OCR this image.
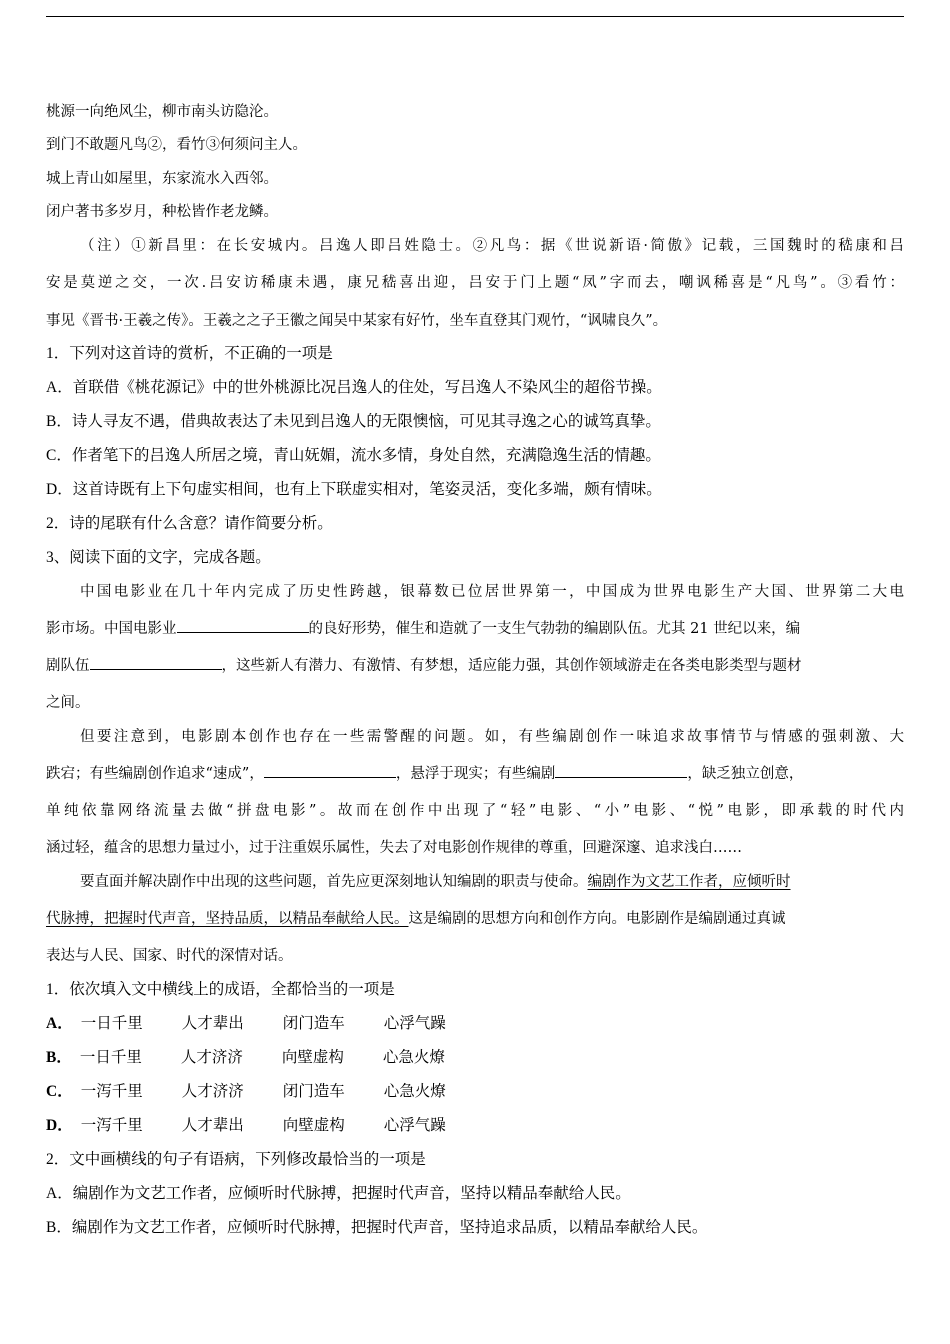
桃源一向绝风尘，柳市南头访隐沦。
到门不敢题凡鸟②，看竹③何须问主人。
城上青山如屋里，东家流水入西邻。
闭户著书多岁月，种松皆作老龙鳞。
（注）①新昌里：在长安城内。吕逸人即吕姓隐士。②凡鸟：据《世说新语·简傲》记载，三国魏时的嵇康和吕
安是莫逆之交，一次.吕安访稀康未遇，康兄嵇喜出迎，吕安于门上题“凤”字而去，嘲讽稀喜是“凡鸟”。③看竹：
事见《晋书·王羲之传》。王羲之之子王徽之闻吴中某家有好竹，坐车直登其门观竹，“讽啸良久”。
1．下列对这首诗的赏析，不正确的一项是
A．首联借《桃花源记》中的世外桃源比况吕逸人的住处，写吕逸人不染风尘的超俗节操。
B．诗人寻友不遇，借典故表达了未见到吕逸人的无限懊恼，可见其寻逸之心的诚笃真挚。
C．作者笔下的吕逸人所居之境，青山妩媚，流水多情，身处自然，充满隐逸生活的情趣。
D．这首诗既有上下句虚实相间，也有上下联虚实相对，笔姿灵活，变化多端，颇有情味。
2．诗的尾联有什么含意？请作简要分析。
3、阅读下面的文字，完成各题。
中国电影业在几十年内完成了历史性跨越，银幕数已位居世界第一，中国成为世界电影生产大国、世界第二大电
影市场。中国电影业	的良好形势，催生和造就了一支生气勃勃的编剧队伍。尤其 21 世纪以来，编
剧队伍	，这些新人有潜力、有激情、有梦想，适应能力强，其创作领域游走在各类电影类型与题材
之间。
但要注意到，电影剧本创作也存在一些需警醒的问题。如，有些编剧创作一味追求故事情节与情感的强刺激、大
跌宕；有些编剧创作追求“速成”，	，悬浮于现实；有些编剧	，缺乏独立创意，
单纯依靠网络流量去做“拼盘电影”。故而在创作中出现了“轻”电影、“小”电影、“悦”电影，即承载的时代内
涵过轻，蕴含的思想力量过小，过于注重娱乐属性，失去了对电影创作规律的尊重，回避深邃、追求浅白……
要直面并解决剧作中出现的这些问题，首先应更深刻地认知编剧的职责与使命。编剧作为文艺工作者，应倾听时
代脉搏，把握时代声音，坚持品质，以精品奉献给人民。这是编剧的思想方向和创作方向。电影剧作是编剧通过真诚
表达与人民、国家、时代的深情对话。
1．依次填入文中横线上的成语，全都恰当的一项是
A． 一日千里	人才辈出	闭门造车	心浮气躁
B． 一日千里	人才济济	向壁虚构	心急火燎
C． 一泻千里	人才济济	闭门造车	心急火燎
D． 一泻千里	人才辈出	向壁虚构	心浮气躁
2．文中画横线的句子有语病，下列修改最恰当的一项是
A．编剧作为文艺工作者，应倾听时代脉搏，把握时代声音，坚持以精品奉献给人民。
B．编剧作为文艺工作者，应倾听时代脉搏，把握时代声音，坚持追求品质，以精品奉献给人民。
